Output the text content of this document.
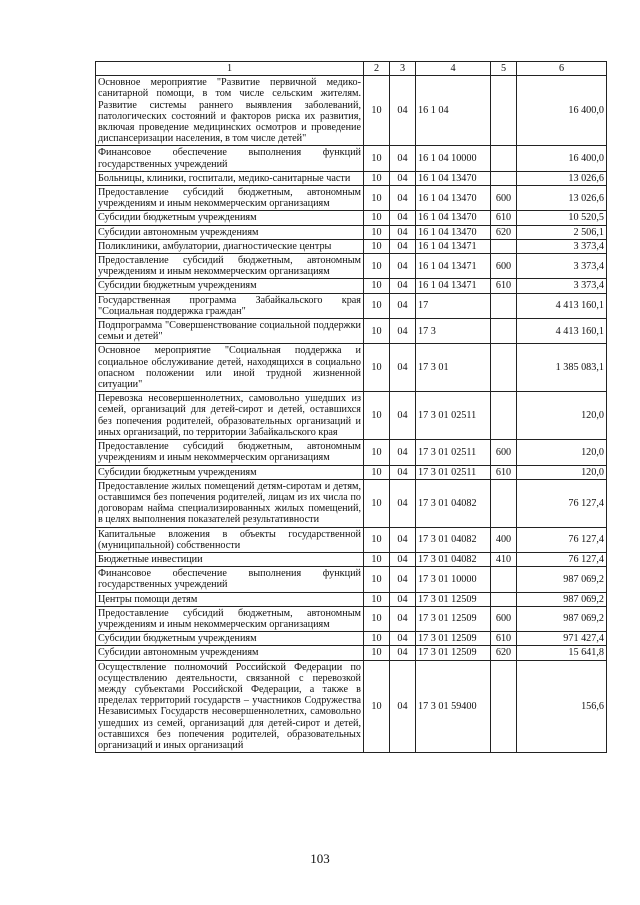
1	2	3	4	5	6
Основное мероприятие "Развитие первичной медико-санитарной помощи, в том числе сельским жителям. Развитие системы раннего выявления заболеваний, патологических состояний и факторов риска их развития, включая проведение медицинских осмотров и проведение диспансеризации населения, в том числе детей"	10	04	16 1 04		16 400,0
Финансовое обеспечение выполнения функций государственных учреждений	10	04	16 1 04 10000		16 400,0
Больницы, клиники, госпитали, медико-санитарные части	10	04	16 1 04 13470		13 026,6
Предоставление субсидий бюджетным, автономным учреждениям и иным некоммерческим организациям	10	04	16 1 04 13470	600	13 026,6
Субсидии бюджетным учреждениям	10	04	16 1 04 13470	610	10 520,5
Субсидии автономным учреждениям	10	04	16 1 04 13470	620	2 506,1
Поликлиники, амбулатории, диагностические центры	10	04	16 1 04 13471		3 373,4
Предоставление субсидий бюджетным, автономным учреждениям и иным некоммерческим организациям	10	04	16 1 04 13471	600	3 373,4
Субсидии бюджетным учреждениям	10	04	16 1 04 13471	610	3 373,4
Государственная программа Забайкальского края "Социальная поддержка граждан"	10	04	17		4 413 160,1
Подпрограмма "Совершенствование социальной поддержки семьи и детей"	10	04	17 3		4 413 160,1
Основное мероприятие "Социальная поддержка и социальное обслуживание детей, находящихся в социально опасном положении или иной трудной жизненной ситуации"	10	04	17 3 01		1 385 083,1
Перевозка несовершеннолетних, самовольно ушедших из семей, организаций для детей-сирот и детей, оставшихся без попечения родителей, образовательных организаций и иных организаций, по территории Забайкальского края	10	04	17 3 01 02511		120,0
Предоставление субсидий бюджетным, автономным учреждениям и иным некоммерческим организациям	10	04	17 3 01 02511	600	120,0
Субсидии бюджетным учреждениям	10	04	17 3 01 02511	610	120,0
Предоставление жилых помещений детям-сиротам и детям, оставшимся без попечения родителей, лицам из их числа по договорам найма специализированных жилых помещений, в целях выполнения показателей результативности	10	04	17 3 01 04082		76 127,4
Капитальные вложения в объекты государственной (муниципальной) собственности	10	04	17 3 01 04082	400	76 127,4
Бюджетные инвестиции	10	04	17 3 01 04082	410	76 127,4
Финансовое обеспечение выполнения функций государственных учреждений	10	04	17 3 01 10000		987 069,2
Центры помощи детям	10	04	17 3 01 12509		987 069,2
Предоставление субсидий бюджетным, автономным учреждениям и иным некоммерческим организациям	10	04	17 3 01 12509	600	987 069,2
Субсидии бюджетным учреждениям	10	04	17 3 01 12509	610	971 427,4
Субсидии автономным учреждениям	10	04	17 3 01 12509	620	15 641,8
Осуществление полномочий Российской Федерации по осуществлению деятельности, связанной с перевозкой между субъектами Российской Федерации, а также в пределах территорий государств – участников Содружества Независимых Государств несовершеннолетних, самовольно ушедших из семей, организаций для детей-сирот и детей, оставшихся без попечения родителей, образовательных организаций и иных организаций	10	04	17 3 01 59400		156,6
103
